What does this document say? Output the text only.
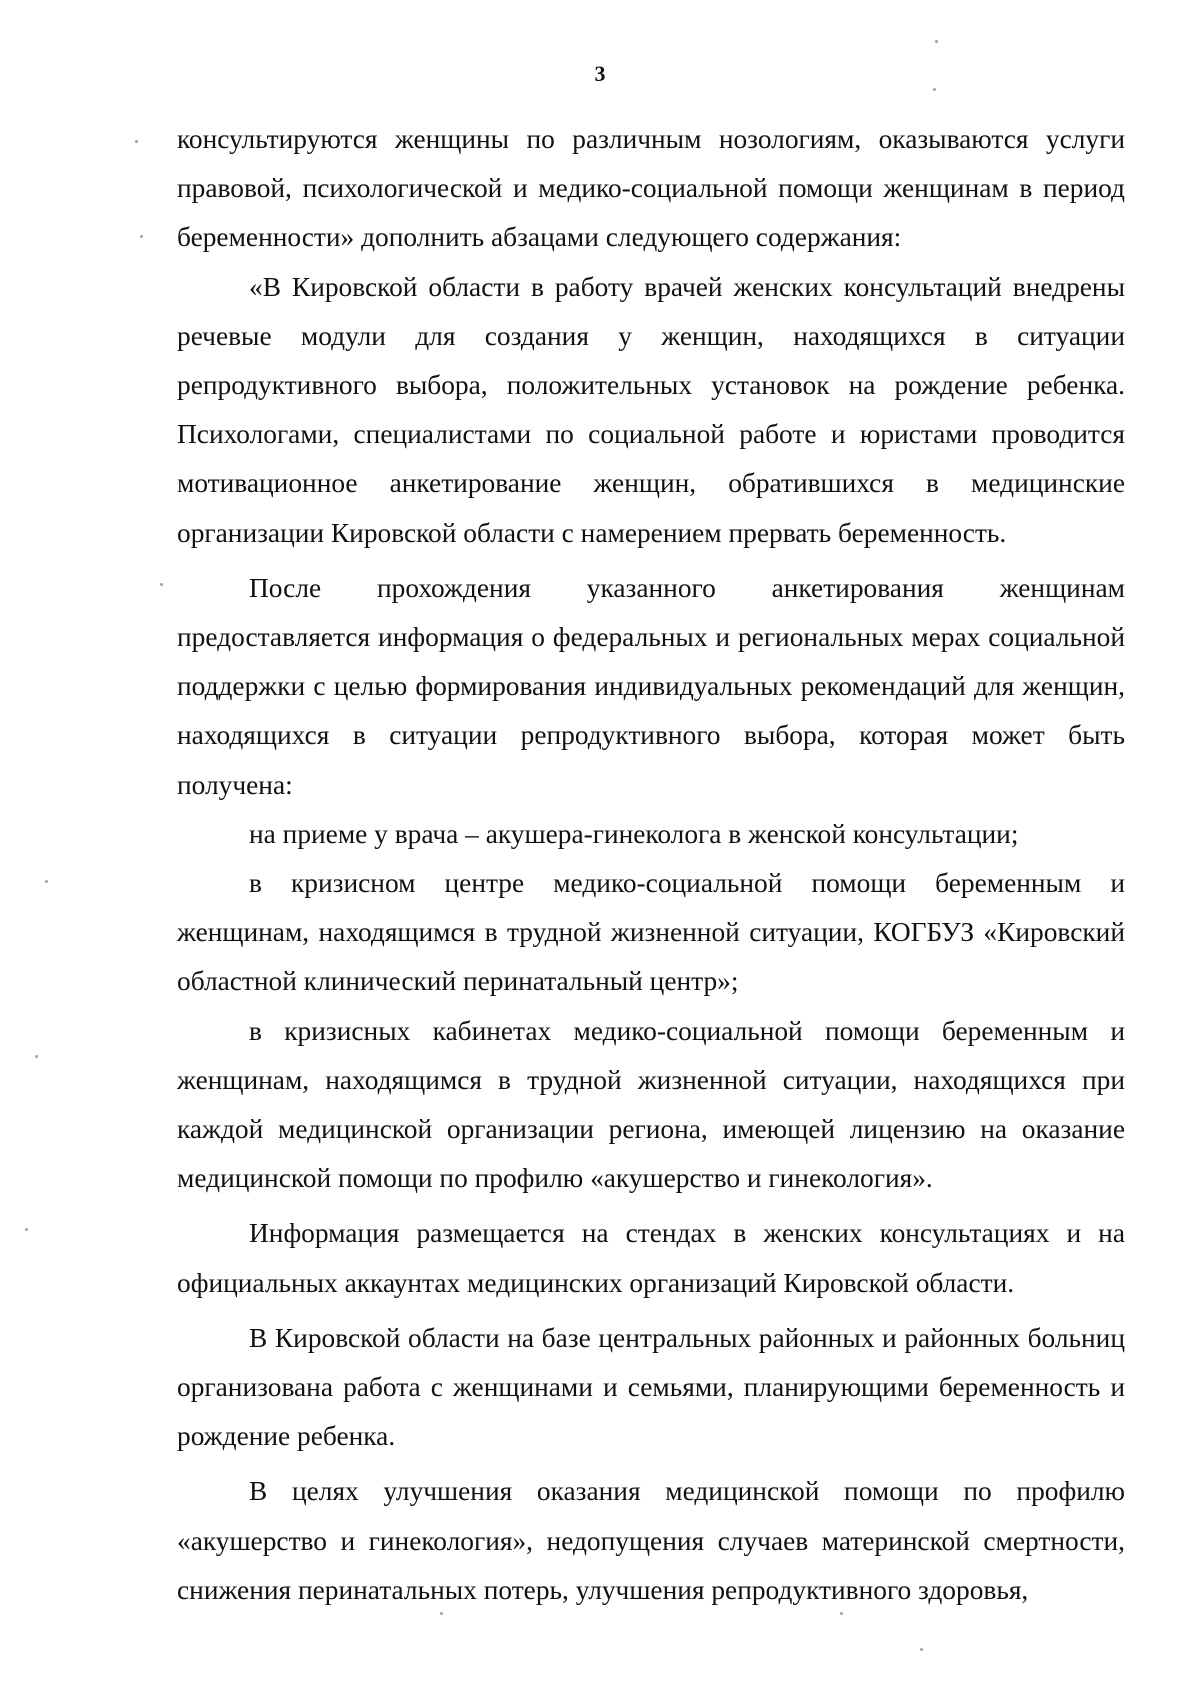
3

консультируются женщины по различным нозологиям, оказываются услуги правовой, психологической и медико-социальной помощи женщинам в период беременности» дополнить абзацами следующего содержания:

«В Кировской области в работу врачей женских консультаций внедрены речевые модули для создания у женщин, находящихся в ситуации репродуктивного выбора, положительных установок на рождение ребенка. Психологами, специалистами по социальной работе и юристами проводится мотивационное анкетирование женщин, обратившихся в медицинские организации Кировской области с намерением прервать беременность.

После прохождения указанного анкетирования женщинам предоставляется информация о федеральных и региональных мерах социальной поддержки с целью формирования индивидуальных рекомендаций для женщин, находящихся в ситуации репродуктивного выбора, которая может быть получена:

на приеме у врача – акушера-гинеколога в женской консультации;

в кризисном центре медико-социальной помощи беременным и женщинам, находящимся в трудной жизненной ситуации, КОГБУЗ «Кировский областной клинический перинатальный центр»;

в кризисных кабинетах медико-социальной помощи беременным и женщинам, находящимся в трудной жизненной ситуации, находящихся при каждой медицинской организации региона, имеющей лицензию на оказание медицинской помощи по профилю «акушерство и гинекология».

Информация размещается на стендах в женских консультациях и на официальных аккаунтах медицинских организаций Кировской области.

В Кировской области на базе центральных районных и районных больниц организована работа с женщинами и семьями, планирующими беременность и рождение ребенка.

В целях улучшения оказания медицинской помощи по профилю «акушерство и гинекология», недопущения случаев материнской смертности, снижения перинатальных потерь, улучшения репродуктивного здоровья,
